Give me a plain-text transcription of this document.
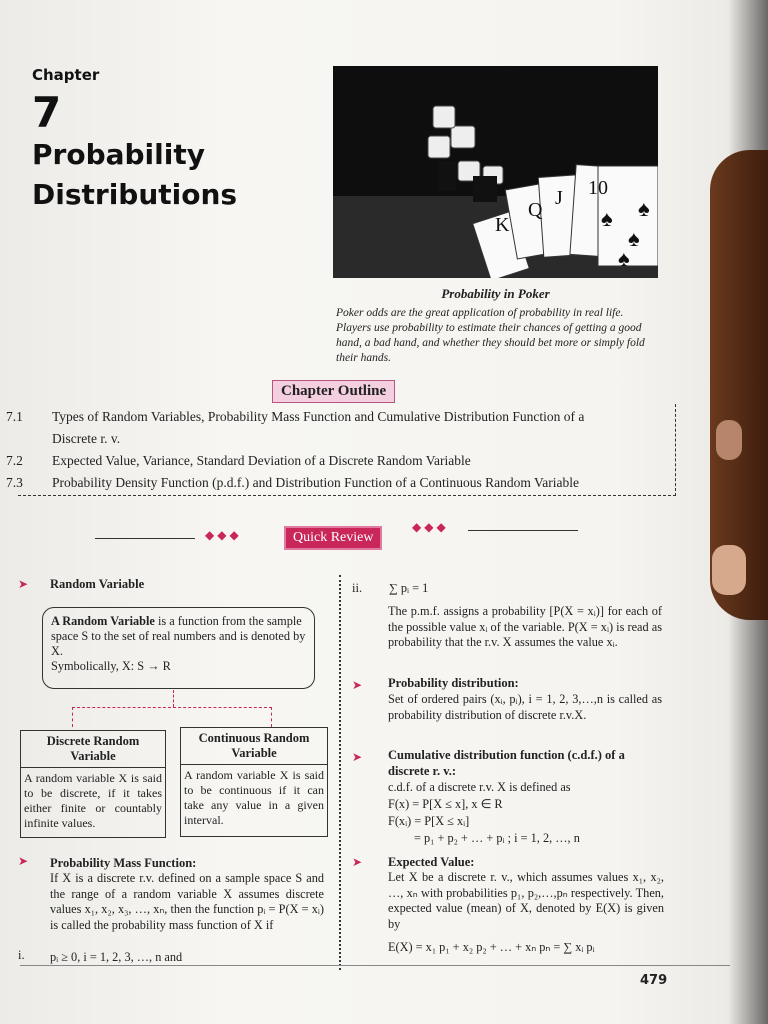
Chapter
7
Probability
Distributions
K
Q
J 10
♠
♠
♠
♠
Probability in Poker
Poker odds are the great application of probability in real life. Players use probability to estimate their chances of getting a good hand, a bad hand, and whether they should bet more or simply fold their hands.
Chapter Outline
7.1 Types of Random Variables, Probability Mass Function and Cumulative Distribution Function of a
Discrete r. v.
7.2 Expected Value, Variance, Standard Deviation of a Discrete Random Variable
7.3 Probability Density Function (p.d.f.) and Distribution Function of a Continuous Random Variable
◆◆◆	Quick Review
◆◆◆
➤ Random Variable
A Random Variable is a function from the sample space S to the set of real numbers and is denoted by X.
Symbolically, X: S → R
Discrete Random Variable
A random variable X is said to be discrete, if it takes either finite or countably infinite values.
Continuous Random Variable
A random variable X is said to be continuous if it can take any value in a given interval.
➤ Probability Mass Function:
If X is a discrete r.v. defined on a sample space S and the range of a random variable X assumes discrete values x₁, x₂, x₃, …, xₙ, then the function pᵢ = P(X = xᵢ) is called the probability mass function of X if
i. pᵢ ≥ 0, i = 1, 2, 3, …, n and
ii. ∑ pᵢ = 1
The p.m.f. assigns a probability [P(X = xᵢ)] for each of the possible value xᵢ of the variable. P(X = xᵢ) is read as probability that the r.v. X assumes the value xᵢ.
➤ Probability distribution:
Set of ordered pairs (xᵢ, pᵢ), i = 1, 2, 3,…,n is called as probability distribution of discrete r.v.X.
➤ Cumulative distribution function (c.d.f.) of a discrete r. v.:
c.d.f. of a discrete r.v. X is defined as
F(x) = P[X ≤ x], x ∈ R
F(xᵢ) = P[X ≤ xᵢ]
= p₁ + p₂ + … + pᵢ ; i = 1, 2, …, n
➤ Expected Value:
Let X be a discrete r. v., which assumes values x₁, x₂, …, xₙ with probabilities p₁, p₂,…,pₙ respectively. Then, expected value (mean) of X, denoted by E(X) is given by
E(X) = x₁ p₁ + x₂ p₂ + … + xₙ pₙ = ∑ xᵢ pᵢ
479
